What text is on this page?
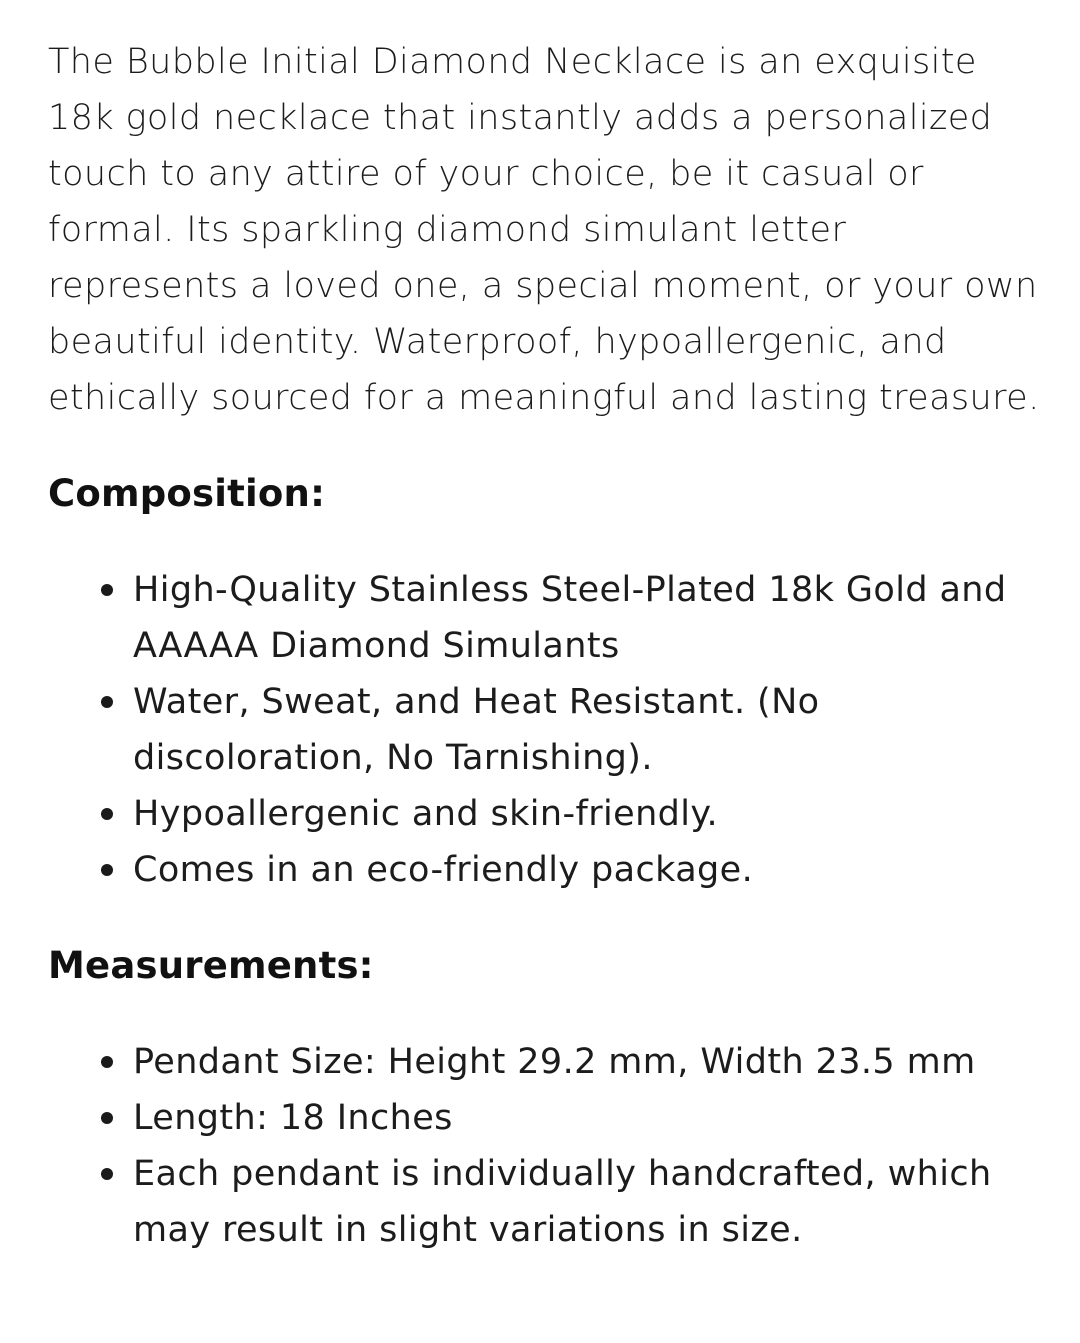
The Bubble Initial Diamond Necklace is an exquisite 18k gold necklace that instantly adds a personalized touch to any attire of your choice, be it casual or formal. Its sparkling diamond simulant letter represents a loved one, a special moment, or your own beautiful identity. Waterproof, hypoallergenic, and ethically sourced for a meaningful and lasting treasure.

Composition:
High-Quality Stainless Steel-Plated 18k Gold and AAAAA Diamond Simulants
Water, Sweat, and Heat Resistant. (No discoloration, No Tarnishing).
Hypoallergenic and skin-friendly.
Comes in an eco-friendly package.
Measurements:
Pendant Size: Height 29.2 mm, Width 23.5 mm
Length: 18 Inches
Each pendant is individually handcrafted, which may result in slight variations in size.
